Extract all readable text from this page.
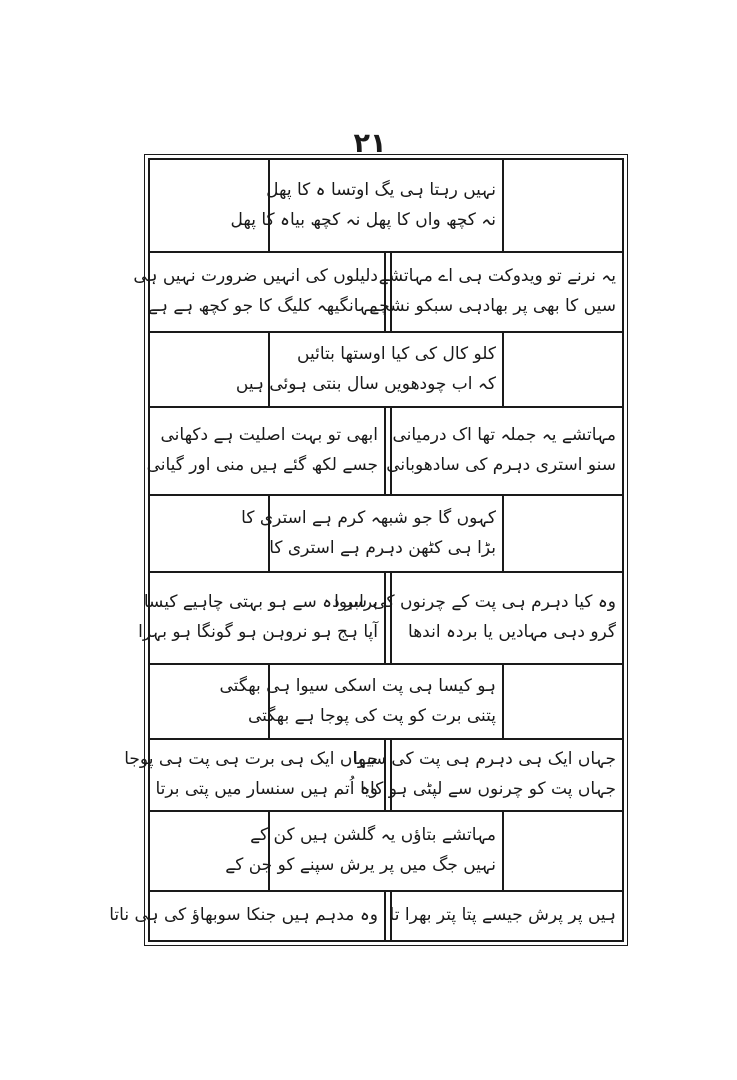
۲۱
نہیں رہتا ہی یگ اوتسا ہ کا پھل
نہ کچھ واں کا پھل نہ کچھ بیاہ کا پھل
یہ نرنے تو ویدوکت ہی اے مہاتشے
سیں کا بھی پر بھادہی سبکو نشچے
دلیلوں کی انہیں ضرورت نہیں ہی
مہانگیھہ کلیگ کا جو کچھ ہے ہے
کلو کال کی کیا اوستھا بتائیں
کہ اب چودھویں سال بنتی ہوئی ہیں
مہاتشے یہ جملہ تھا اک درمیانی
سنو استری دہرم کی سادھوبانی
ابھی تو بہت اصلیت ہے دکھانی
جسے لکھ گئے ہیں منی اور گیانی
کہوں گا جو شبھہ کرم ہے استری کا
بڑا ہی کٹھن دہرم ہے استری کا
وہ کیا دہرم ہی پت کے چرنوں کی سیوا
گرو دہی مہادیں یا بردہ اندھا
برابر دہ سے ہو بہتی چاہیے کیسا
آپا ہج ہو نروہن ہو گونگا ہو بہرا
ہو کیسا ہی پت اسکی سیوا ہی بھگتی
پتنی برت کو پت کی پوجا ہے بھگتی
جہاں ایک ہی دہرم ہی پت کی سیوا
جہاں پت کو چرنوں سے لپٹی ہو کایا
جہاں ایک ہی برت ہی پت ہی پوجا
وہ اُتم ہیں سنسار میں پتی برتا
مہاتشے بتاؤں یہ گلشن ہیں کن کے
نہیں جگ میں پر یرش سپنے کو جن کے
ہیں پر پرش جیسے پتا پتر بھرا تا
وہ مدہم ہیں جنکا سوبھاؤ کی ہی ناتا
